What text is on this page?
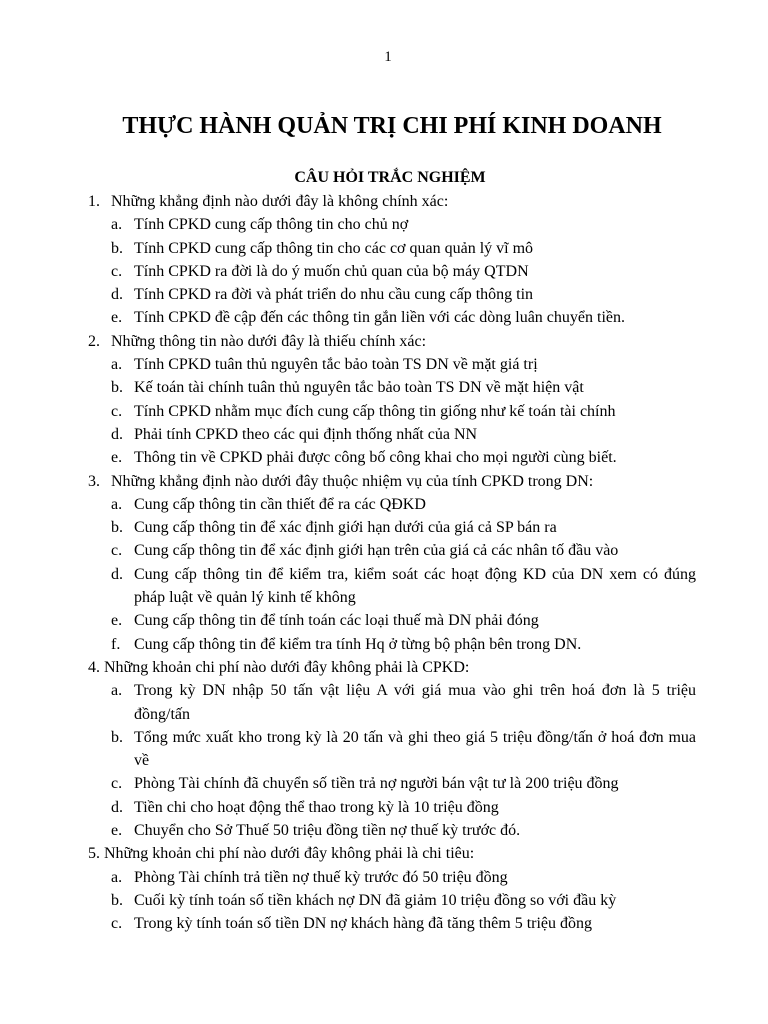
1
THỰC HÀNH QUẢN TRỊ CHI PHÍ KINH DOANH
CÂU HỎI TRẮC NGHIỆM
1. Những khẳng định nào dưới đây là không chính xác:
a. Tính CPKD cung cấp thông tin cho chủ nợ
b. Tính CPKD cung cấp thông tin cho các cơ quan quản lý vĩ mô
c. Tính CPKD ra đời là do ý muốn chủ quan của bộ máy QTDN
d. Tính CPKD ra đời và phát triển do nhu cầu cung cấp thông tin
e. Tính CPKD đề cập đến các thông tin gắn liền với các dòng luân chuyển tiền.
2. Những thông tin nào dưới đây là thiếu chính xác:
a. Tính CPKD tuân thủ nguyên tắc bảo toàn TS DN về mặt giá trị
b. Kế toán tài chính tuân thủ nguyên tắc bảo toàn TS DN về mặt hiện vật
c. Tính CPKD nhằm mục đích cung cấp thông tin giống như kế toán tài chính
d. Phải tính CPKD theo các qui định thống nhất của NN
e. Thông tin về CPKD phải được công bố công khai cho mọi người cùng biết.
3. Những khẳng định nào dưới đây thuộc nhiệm vụ của tính CPKD trong DN:
a. Cung cấp thông tin cần thiết để ra các QĐKD
b. Cung cấp thông tin để xác định giới hạn dưới của giá cả SP bán ra
c. Cung cấp thông tin để xác định giới hạn trên của giá cả các nhân tố đầu vào
d. Cung cấp thông tin để kiểm tra, kiểm soát các hoạt động KD của DN xem có đúng pháp luật về quản lý kinh tế không
e. Cung cấp thông tin để tính toán các loại thuế mà DN phải đóng
f. Cung cấp thông tin để kiểm tra tính Hq ở từng bộ phận bên trong DN.
4. Những khoản chi phí nào dưới đây không phải là CPKD:
a. Trong kỳ DN nhập 50 tấn vật liệu A với giá mua vào ghi trên hoá đơn là 5 triệu đồng/tấn
b. Tổng mức xuất kho trong kỳ là 20 tấn và ghi theo giá 5 triệu đồng/tấn ở hoá đơn mua về
c. Phòng Tài chính đã chuyển số tiền trả nợ người bán vật tư là 200 triệu đồng
d. Tiền chi cho hoạt động thể thao trong kỳ là 10 triệu đồng
e. Chuyển cho Sở Thuế 50 triệu đồng tiền nợ thuế kỳ trước đó.
5. Những khoản chi phí nào dưới đây không phải là chi tiêu:
a. Phòng Tài chính trả tiền nợ thuế kỳ trước đó 50 triệu đồng
b. Cuối kỳ tính toán số tiền khách nợ DN đã giảm 10 triệu đồng so với đầu kỳ
c. Trong kỳ tính toán số tiền DN nợ khách hàng đã tăng thêm 5 triệu đồng
